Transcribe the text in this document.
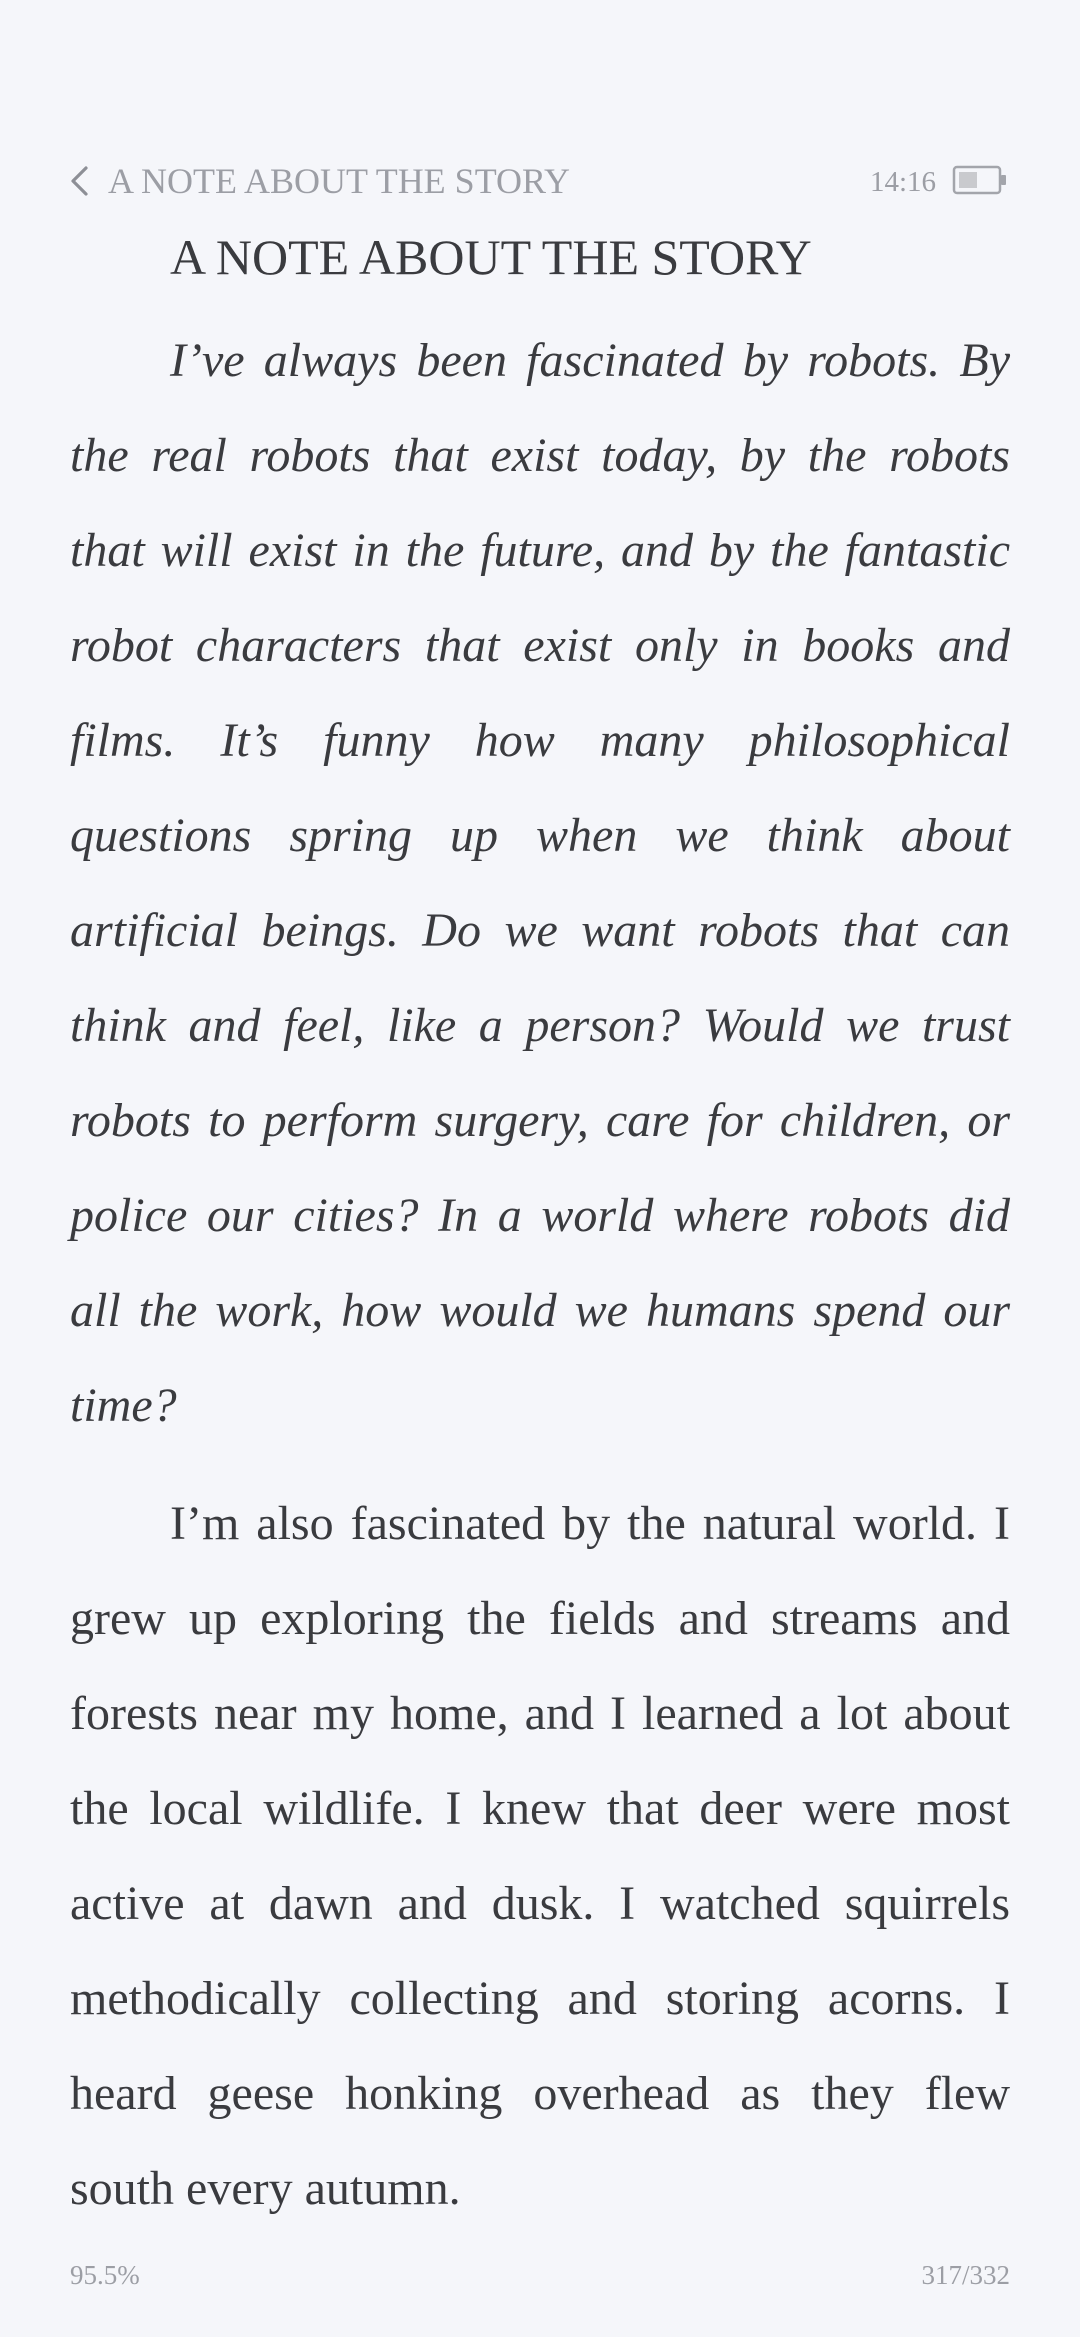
A NOTE ABOUT THE STORY	14:16
A NOTE ABOUT THE STORY

I’ve always been fascinated by robots. By the real robots that exist today, by the robots that will exist in the future, and by the fantastic robot characters that exist only in books and films. It’s funny how many philosophical questions spring up when we think about artificial beings. Do we want robots that can think and feel, like a person? Would we trust robots to perform surgery, care for children, or police our cities? In a world where robots did all the work, how would we humans spend our time?

I’m also fascinated by the natural world. I grew up exploring the fields and streams and forests near my home, and I learned a lot about the local wildlife. I knew that deer were most active at dawn and dusk. I watched squirrels methodically collecting and storing acorns. I heard geese honking overhead as they flew south every autumn.

95.5%	317/332
